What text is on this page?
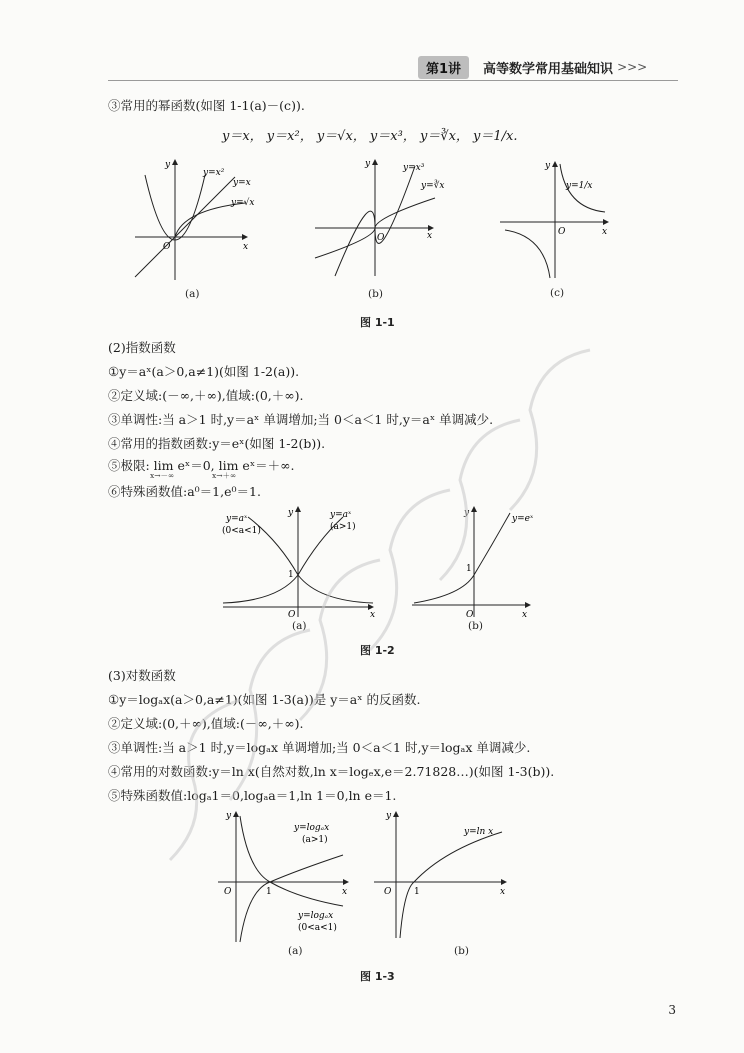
第1讲	高等数学常用基础知识 >>>
③常用的幂函数(如图 1-1(a)－(c)).
y＝x， y＝x²， y＝√x， y＝x³， y＝∛x， y＝1/x.
y=x²
y=x
y=√x
O	x
y
(a)
y=x³
y=∛x
O	x
y
(b)
y=1/x
O	x
y
(c)
图 1-1
(2)指数函数
①y＝aˣ(a＞0,a≠1)(如图 1-2(a)).
②定义域:(－∞,＋∞),值域:(0,＋∞).
③单调性:当 a＞1 时,y＝aˣ 单调增加;当 0＜a＜1 时,y＝aˣ 单调减少.
④常用的指数函数:y＝eˣ(如图 1-2(b)).
⑤极限: lim eˣ＝0, lim eˣ＝＋∞.
x→－∞	x→＋∞
⑥特殊函数值:a⁰＝1,e⁰＝1.
y=aˣ
(0<a<1)
y=aˣ
(a>1)
1
O	x
y
(a)
y=eˣ
1
O	x
y
(b)
图 1-2
(3)对数函数
①y＝logₐx(a＞0,a≠1)(如图 1-3(a))是 y＝aˣ 的反函数.
②定义域:(0,＋∞),值域:(－∞,＋∞).
③单调性:当 a＞1 时,y＝logₐx 单调增加;当 0＜a＜1 时,y＝logₐx 单调减少.
④常用的对数函数:y＝ln x(自然对数,ln x＝logₑx,e＝2.71828…)(如图 1-3(b)).
⑤特殊函数值:logₐ1＝0,logₐa＝1,ln 1＝0,ln e＝1.
y=logₐx
(a>1)
y=logₐx
(0<a<1)
1
O	x
y
(a)
y=ln x
1
O	x
y
(b)
图 1-3
3
